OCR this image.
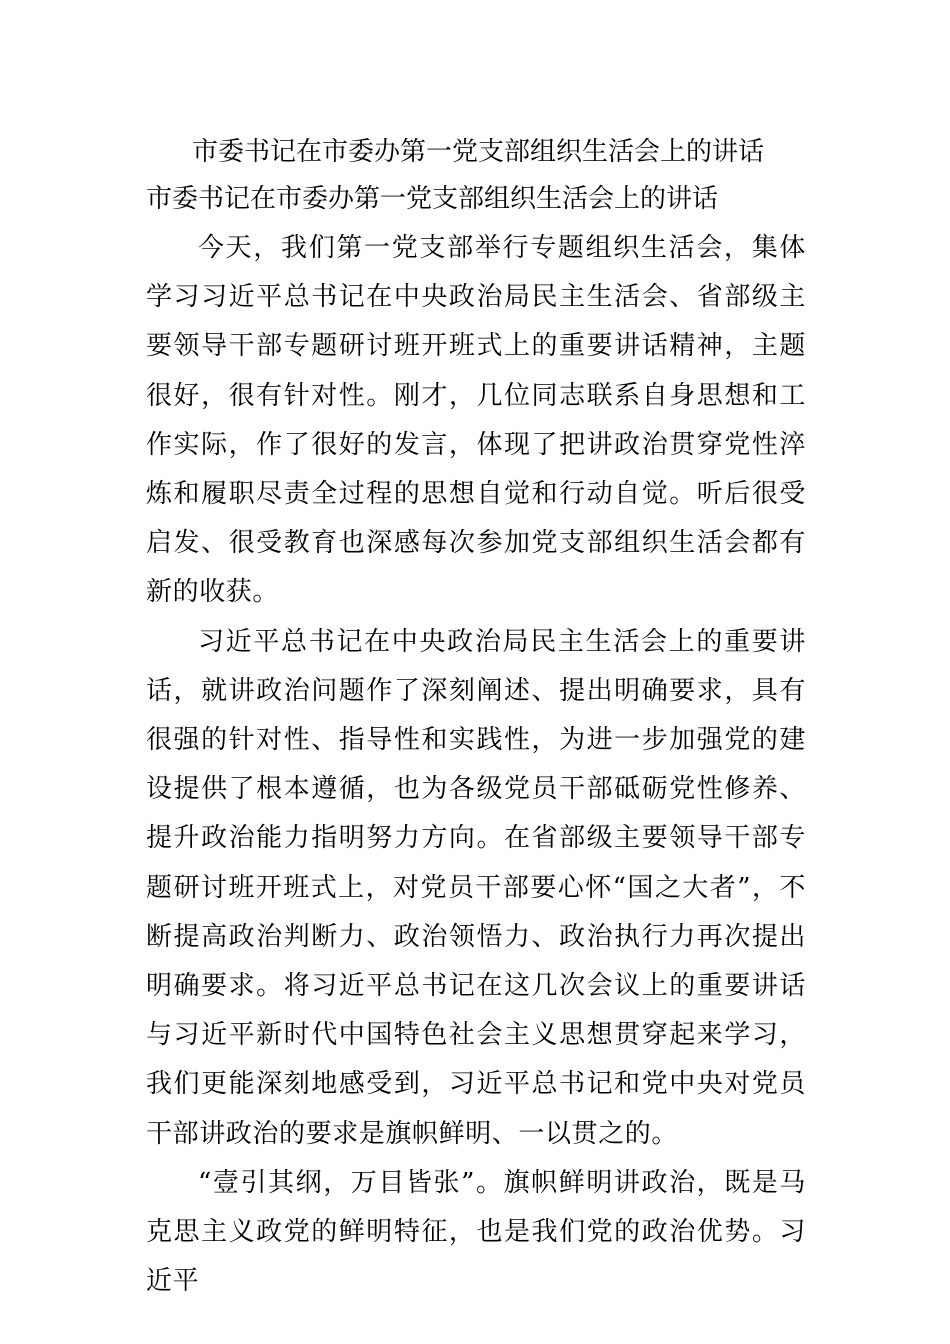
市委书记在市委办第一党支部组织生活会上的讲话
市委书记在市委办第一党支部组织生活会上的讲话

今天，我们第一党支部举行专题组织生活会，集体学习习近平总书记在中央政治局民主生活会、省部级主要领导干部专题研讨班开班式上的重要讲话精神，主题很好，很有针对性。刚才，几位同志联系自身思想和工作实际，作了很好的发言，体现了把讲政治贯穿党性淬炼和履职尽责全过程的思想自觉和行动自觉。听后很受启发、很受教育也深感每次参加党支部组织生活会都有新的收获。

习近平总书记在中央政治局民主生活会上的重要讲话，就讲政治问题作了深刻阐述、提出明确要求，具有很强的针对性、指导性和实践性，为进一步加强党的建设提供了根本遵循，也为各级党员干部砥砺党性修养、提升政治能力指明努力方向。在省部级主要领导干部专题研讨班开班式上，对党员干部要心怀“国之大者”，不断提高政治判断力、政治领悟力、政治执行力再次提出明确要求。将习近平总书记在这几次会议上的重要讲话与习近平新时代中国特色社会主义思想贯穿起来学习，我们更能深刻地感受到，习近平总书记和党中央对党员干部讲政治的要求是旗帜鲜明、一以贯之的。

“壹引其纲，万目皆张”。旗帜鲜明讲政治，既是马克思主义政党的鲜明特征，也是我们党的政治优势。习近平
